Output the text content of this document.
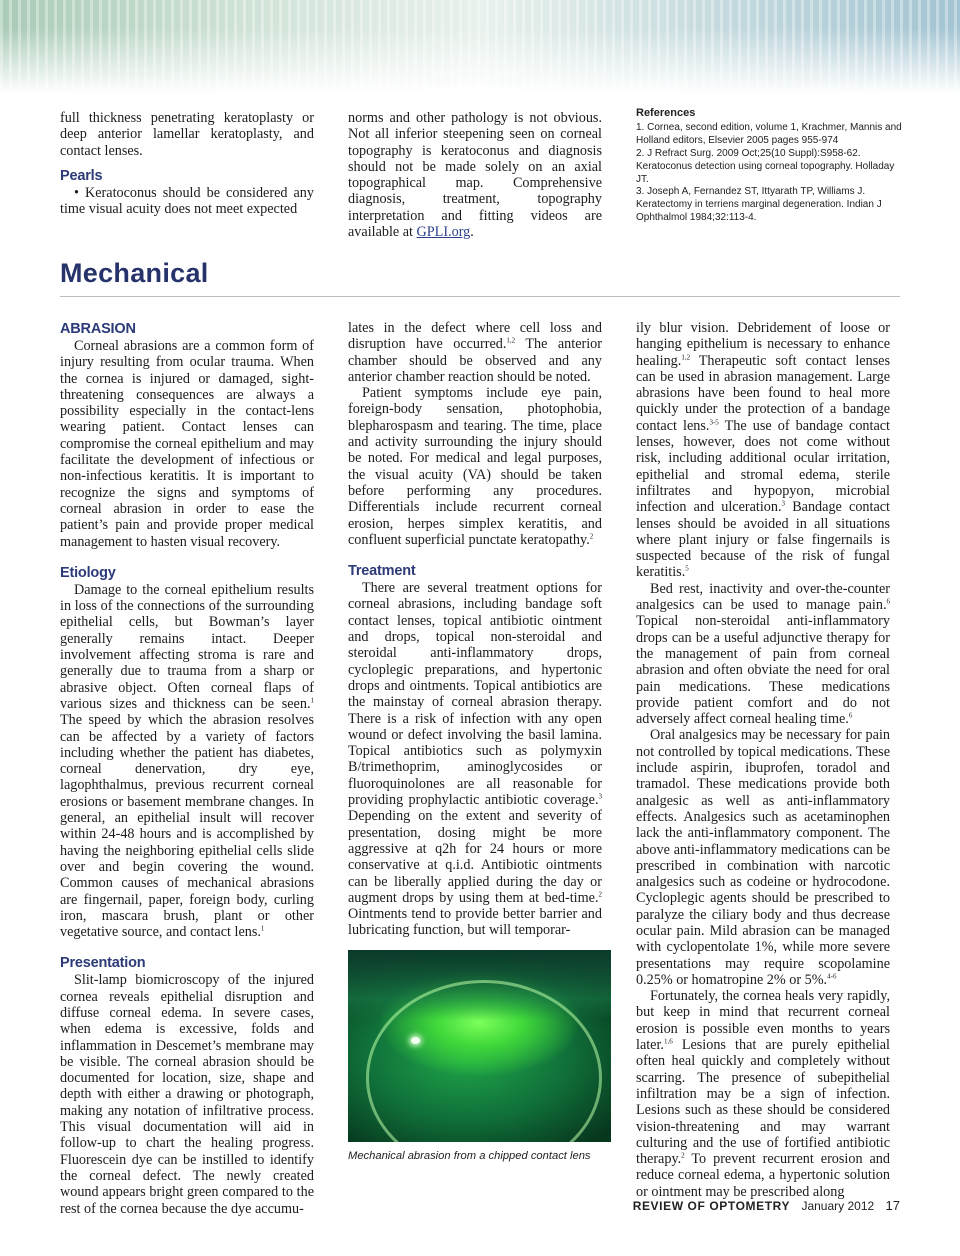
full thickness penetrating keratoplasty or deep anterior lamellar keratoplasty, and contact lenses.

Pearls

• Keratoconus should be considered any time visual acuity does not meet expected

norms and other pathology is not obvious. Not all inferior steepening seen on corneal topography is keratoconus and diagnosis should not be made solely on an axial topographical map. Comprehensive diagnosis, treatment, topography interpretation and fitting videos are available at GPLI.org.

References
1. Cornea, second edition, volume 1, Krachmer, Mannis and Holland editors, Elsevier 2005 pages 955-974
2. J Refract Surg. 2009 Oct;25(10 Suppl):S958-62. Keratoconus detection using corneal topography. Holladay JT.
3. Joseph A, Fernandez ST, Ittyarath TP, Williams J. Keratectomy in terriens marginal degeneration. Indian J Ophthalmol 1984;32:113-4.
Mechanical
ABRASION

Corneal abrasions are a common form of injury resulting from ocular trauma. When the cornea is injured or damaged, sight-threatening consequences are always a possibility especially in the contact-lens wearing patient. Contact lenses can compromise the corneal epithelium and may facilitate the development of infectious or non-infectious keratitis. It is important to recognize the signs and symptoms of corneal abrasion in order to ease the patient’s pain and provide proper medical management to hasten visual recovery.

Etiology

Damage to the corneal epithelium results in loss of the connections of the surrounding epithelial cells, but Bowman’s layer generally remains intact. Deeper involvement affecting stroma is rare and generally due to trauma from a sharp or abrasive object. Often corneal flaps of various sizes and thickness can be seen.$^1$ The speed by which the abrasion resolves can be affected by a variety of factors including whether the patient has diabetes, corneal denervation, dry eye, lagophthalmus, previous recurrent corneal erosions or basement membrane changes. In general, an epithelial insult will recover within 24-48 hours and is accomplished by having the neighboring epithelial cells slide over and begin covering the wound. Common causes of mechanical abrasions are fingernail, paper, foreign body, curling iron, mascara brush, plant or other vegetative source, and contact lens.$^1$

Presentation

Slit-lamp biomicroscopy of the injured cornea reveals epithelial disruption and diffuse corneal edema. In severe cases, when edema is excessive, folds and inflammation in Descemet’s membrane may be visible. The corneal abrasion should be documented for location, size, shape and depth with either a drawing or photograph, making any notation of infiltrative process. This visual documentation will aid in follow-up to chart the healing progress. Fluorescein dye can be instilled to identify the corneal defect. The newly created wound appears bright green compared to the rest of the cornea because the dye accumu-

lates in the defect where cell loss and disruption have occurred.$^{1,2}$ The anterior chamber should be observed and any anterior chamber reaction should be noted.

Patient symptoms include eye pain, foreign-body sensation, photophobia, blepharospasm and tearing. The time, place and activity surrounding the injury should be noted. For medical and legal purposes, the visual acuity (VA) should be taken before performing any procedures. Differentials include recurrent corneal erosion, herpes simplex keratitis, and confluent superficial punctate keratopathy.$^2$

Treatment

There are several treatment options for corneal abrasions, including bandage soft contact lenses, topical antibiotic ointment and drops, topical non-steroidal and steroidal anti-inflammatory drops, cycloplegic preparations, and hypertonic drops and ointments. Topical antibiotics are the mainstay of corneal abrasion therapy. There is a risk of infection with any open wound or defect involving the basil lamina. Topical antibiotics such as polymyxin B/trimethoprim, aminoglycosides or fluoroquinolones are all reasonable for providing prophylactic antibiotic coverage.$^3$ Depending on the extent and severity of presentation, dosing might be more aggressive at q2h for 24 hours or more conservative at q.i.d. Antibiotic ointments can be liberally applied during the day or augment drops by using them at bed-time.$^2$ Ointments tend to provide better barrier and lubricating function, but will temporar-

Mechanical abrasion from a chipped contact lens

ily blur vision. Debridement of loose or hanging epithelium is necessary to enhance healing.$^{1,2}$ Therapeutic soft contact lenses can be used in abrasion management. Large abrasions have been found to heal more quickly under the protection of a bandage contact lens.$^{3-5}$ The use of bandage contact lenses, however, does not come without risk, including additional ocular irritation, epithelial and stromal edema, sterile infiltrates and hypopyon, microbial infection and ulceration.$^3$ Bandage contact lenses should be avoided in all situations where plant injury or false fingernails is suspected because of the risk of fungal keratitis.$^5$

Bed rest, inactivity and over-the-counter analgesics can be used to manage pain.$^6$ Topical non-steroidal anti-inflammatory drops can be a useful adjunctive therapy for the management of pain from corneal abrasion and often obviate the need for oral pain medications. These medications provide patient comfort and do not adversely affect corneal healing time.$^6$

Oral analgesics may be necessary for pain not controlled by topical medications. These include aspirin, ibuprofen, toradol and tramadol. These medications provide both analgesic as well as anti-inflammatory effects. Analgesics such as acetaminophen lack the anti-inflammatory component. The above anti-inflammatory medications can be prescribed in combination with narcotic analgesics such as codeine or hydrocodone. Cycloplegic agents should be prescribed to paralyze the ciliary body and thus decrease ocular pain. Mild abrasion can be managed with cyclopentolate 1%, while more severe presentations may require scopolamine 0.25% or homatropine 2% or 5%.$^{4-6}$

Fortunately, the cornea heals very rapidly, but keep in mind that recurrent corneal erosion is possible even months to years later.$^{1,6}$ Lesions that are purely epithelial often heal quickly and completely without scarring. The presence of subepithelial infiltration may be a sign of infection. Lesions such as these should be considered vision-threatening and may warrant culturing and the use of fortified antibiotic therapy.$^2$ To prevent recurrent erosion and reduce corneal edema, a hypertonic solution or ointment may be prescribed along

REVIEW OF OPTOMETRY January 2012 17
